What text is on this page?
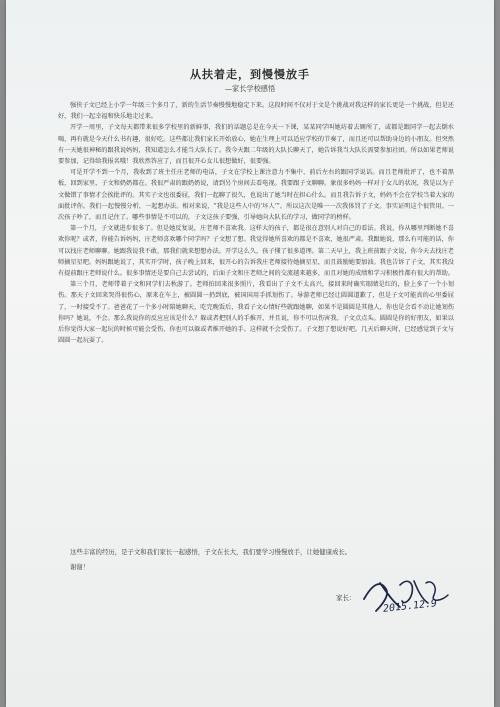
从扶着走，到慢慢放手
—家长学校感悟

强侠子文已经上小学一年级三个多月了，新的生活节奏慢慢地稳定下来。这段时间不仅对于文是个挑战对我这样的家长更是一个挑战，但是还好，我们一起幸福和快乐地走过来。

开学一周里，子文每天都带来很多学校里的新鲜事，我们的话题总是在今天一下课，某某同学叫她坊着去厕所了，或都是跟同学一起去倒水喝，再有就是今天什么书有趣，很好吃。这些都让我们家长开始放心，她在生理上可以适应学校的节奏了，而且还可以帮助身边的小朋友。但突然有一天她很神秘的跟我说妈妈，我知道怎么才能当大队长了。我今天跟二年级的大队长聊天了，她告诉我当大队长需要参加社团。所以如果老师说要参加，记得给我报名哦！我欣然答应了，而且很开心女儿很想做好，很要强。

可是开学不到一个月，我收到了班主任庄老师的电话，子文在学校上课注意力不集中、前后左右的跟同学说话。而且老师批评了，也不着黑板，回到家里，子文和奶奶都在。我很严肃的跟奶奶说，请到另个房间去看电视。我要跟子文聊聊。象很多妈妈一样对于女儿的状况，我是以为子文做错了事情才会挨批评的。其实子文也很委屈，我们一起聊了很久，也说出了她当时在担心什么。而且我告诉子文，妈妈不会在学校当着大家的面批评你。我们一起慢慢分析，一起想办法。相对来说，“我是这些人中的‘坏人’”。所以这次是唯一一次我体罚了子文。事实证明这个很管用。一次孩子吵了，而且记住了。哪些事情是不可以的，子文这孩子要强，引导她向大队长的学习，做同学的榜样。

第一个月，子文就进步很多了。但是她反复说，庄老师不喜欢我。这样大的孩子，都是很在意别人对自己的看法。我说，你从哪里判断她不喜欢你呢？或者，你能告诉妈妈，庄老师喜欢哪个同学吗？子文想了想。我觉得她所喜欢的都是不喜欢，她很严肃。我跟她说，那么有可能的话，你可以找庄老师聊聊。她跟我说我不敢，那我们就来想想办法。开学这么久，孩子懂了很多道理。第二天早上，我上班前跟子文说，你今天去找庄老师摘星星吧。妈妈跟她说了，其实开学时，孩子晚上回来，很开心的告诉我庄老师接待她摘星星，而且鼓励她要加油。我也告诉了子文，其实我没有提前跟庄老师说什么。很多事情还是要自己去尝试的，后面子文和庄老师之间的交流越来越多，而且对她的成绩和学习积极性都有很大的帮助。

第三个月，老师带着子文和同学们去秋游了。老师拍回来很多照片，我看出了子文不太高兴，接回来时确实眼睛是红的，脸上多了一个小划伤。那天子文回来哭得很伤心，原来在车上，被圆圆一扔到底，被国国用手抓划伤了。导游老师已经让圆圆道歉了，但是子文可能真的心里委屈了，一时接受不了。爸爸花了一个多小时陪她聊天，吃完晚饭后，我看子文心情好些就跟她聊，如果不是圆圆是其他人，你也是会看不动让她划伤你吗？她说，不会。那么我说你的反应应该是什么？躲或者把别人的手推开，并且说，你不可以伤害我。子文点点头。圆圆是你的好朋友，如果以后你觉得大家一起玩的时候可能会受伤，你也可以躲或者推开她的手。这样就不会受伤了。子文想了想说好吧。几天后聊天时，已经感觉到子文与圆圆一起玩耍了。

这些丰富的经历，是子文和我们家长一起感悟，子文在长大，我们要学习慢慢放手，让她健康成长。
谢谢！
家长：
2015.12.9
